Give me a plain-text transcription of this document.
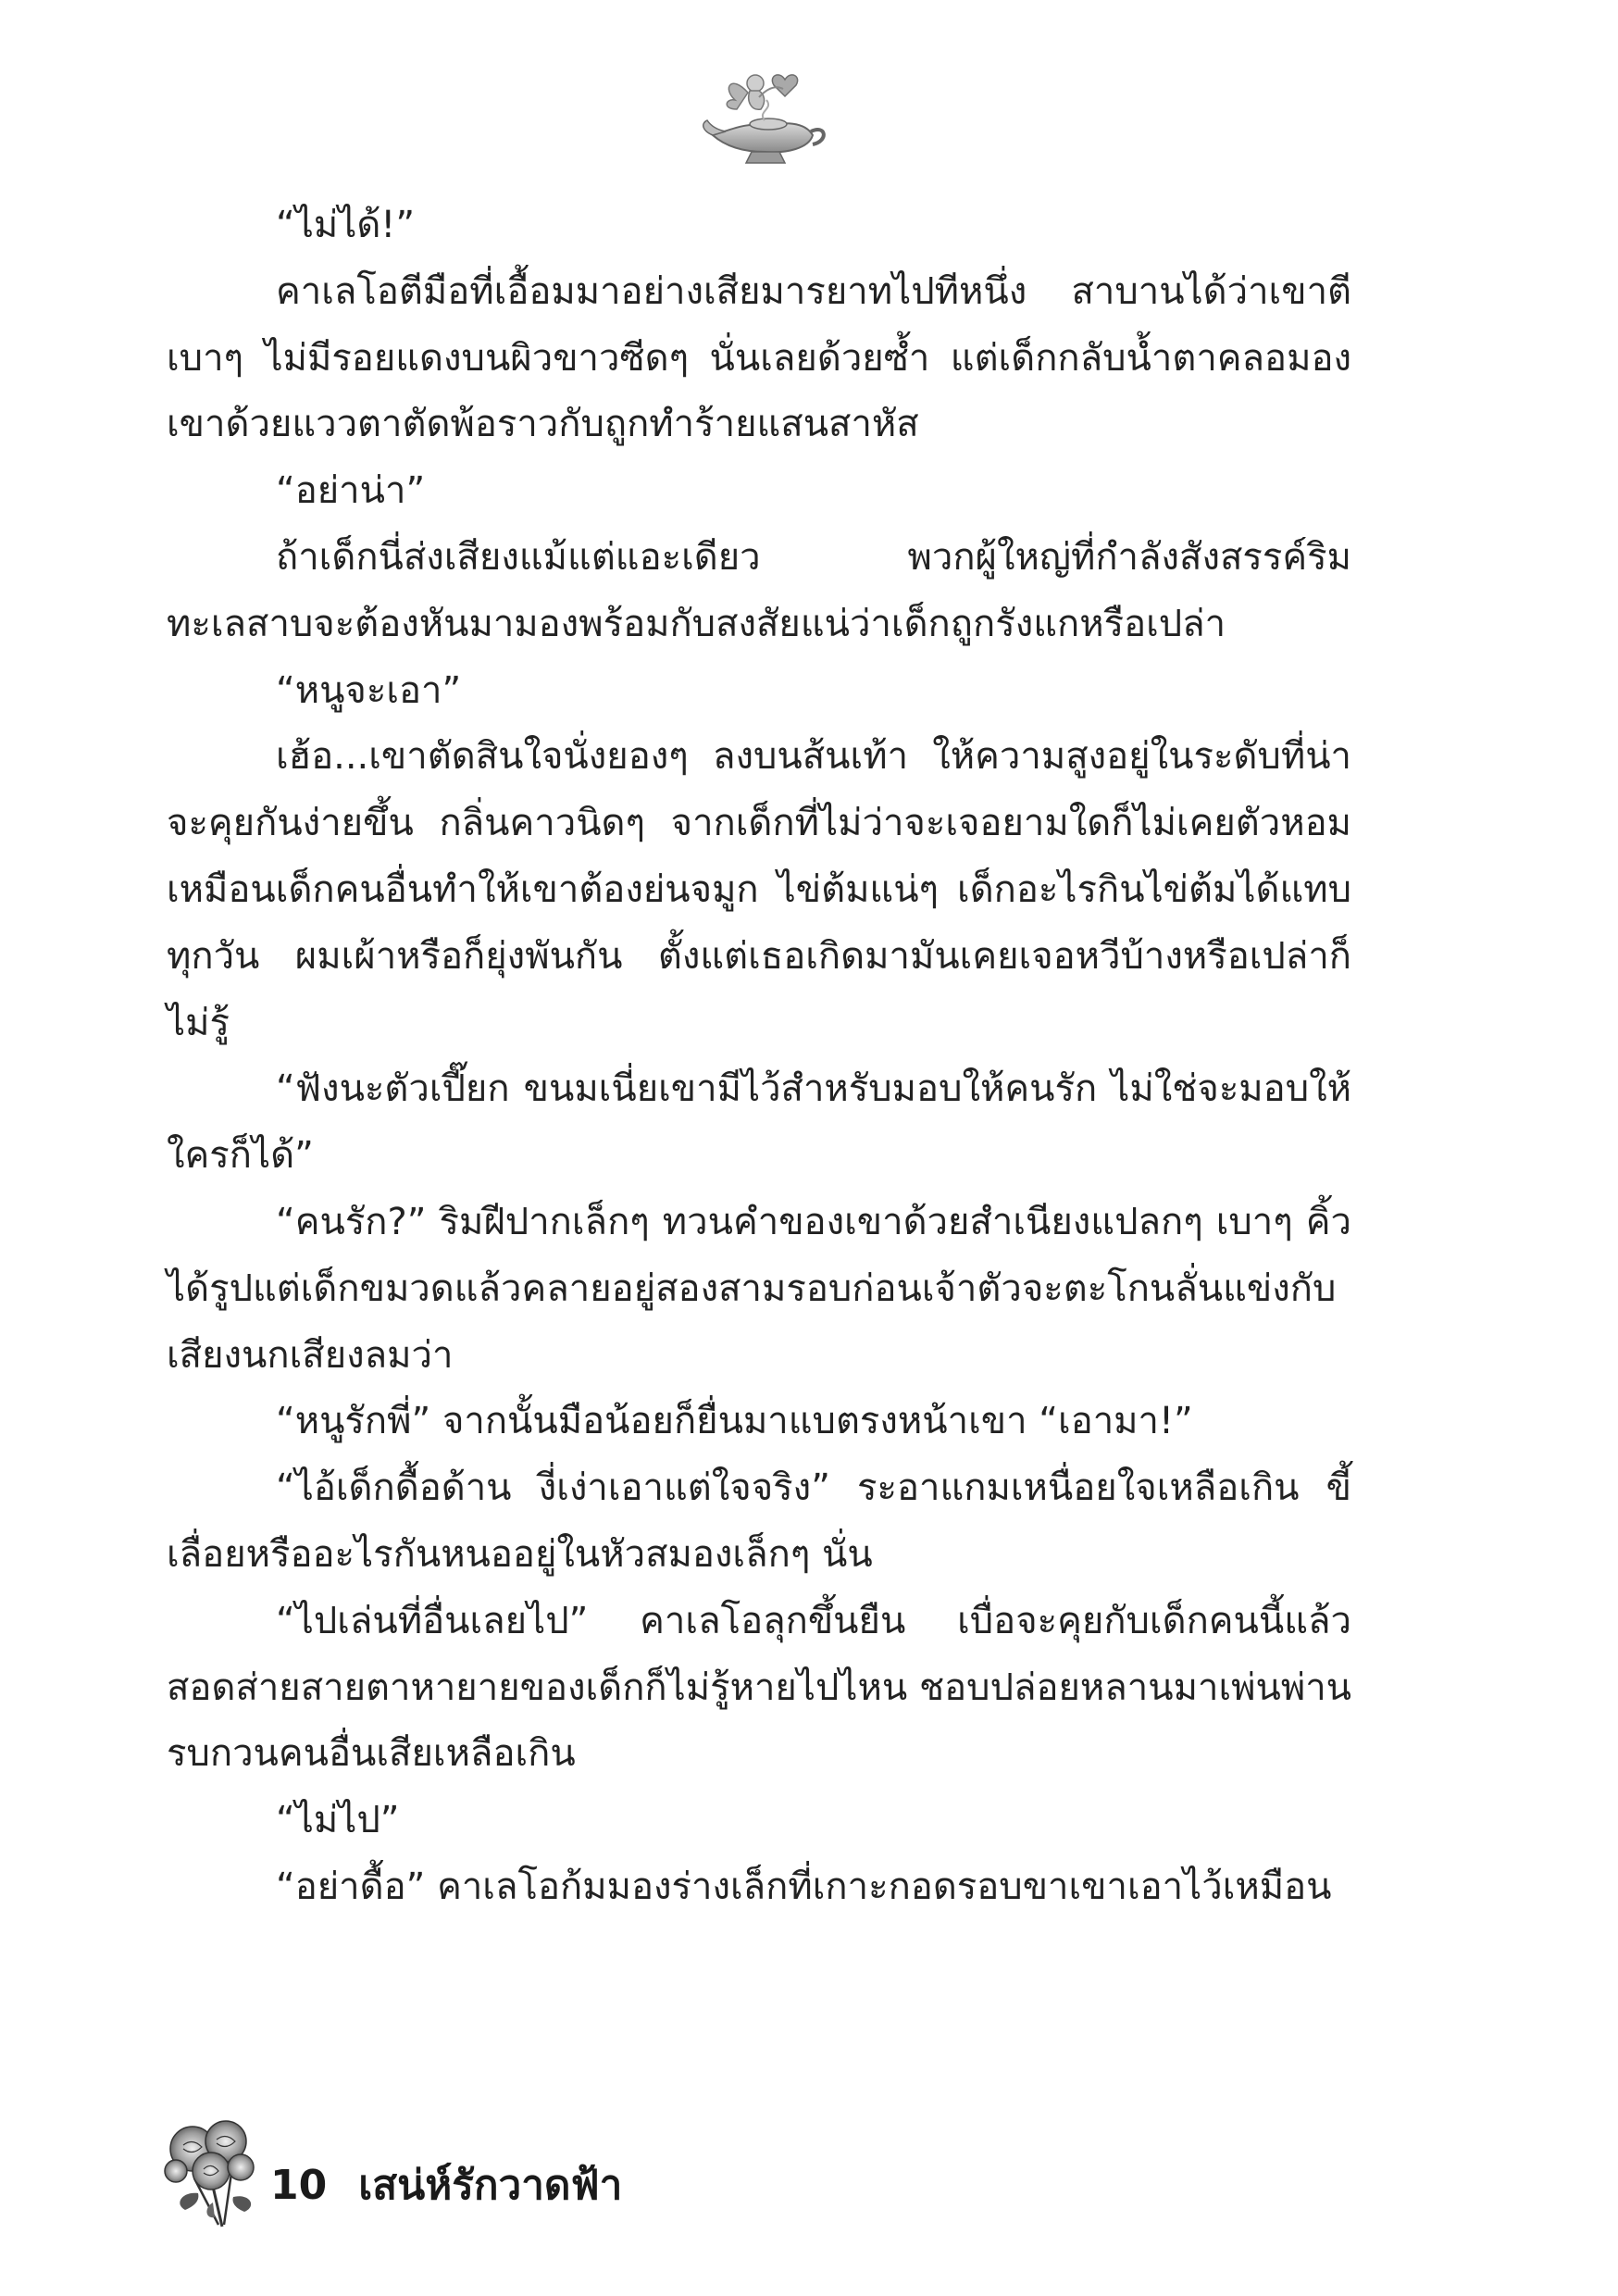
“ไม่ได้!”

คาเลโอตีมือที่เอื้อมมาอย่างเสียมารยาทไปทีหนึ่ง สาบานได้ว่าเขาตีเบาๆ ไม่มีรอยแดงบนผิวขาวซีดๆ นั่นเลยด้วยซ้ำ แต่เด็กกลับน้ำตาคลอมองเขาด้วยแววตาตัดพ้อราวกับถูกทำร้ายแสนสาหัส

“อย่าน่า”

ถ้าเด็กนี่ส่งเสียงแม้แต่แอะเดียว พวกผู้ใหญ่ที่กำลังสังสรรค์ริมทะเลสาบจะต้องหันมามองพร้อมกับสงสัยแน่ว่าเด็กถูกรังแกหรือเปล่า

“หนูจะเอา”

เฮ้อ...เขาตัดสินใจนั่งยองๆ ลงบนส้นเท้า ให้ความสูงอยู่ในระดับที่น่าจะคุยกันง่ายขึ้น กลิ่นคาวนิดๆ จากเด็กที่ไม่ว่าจะเจอยามใดก็ไม่เคยตัวหอมเหมือนเด็กคนอื่นทำให้เขาต้องย่นจมูก ไข่ต้มแน่ๆ เด็กอะไรกินไข่ต้มได้แทบทุกวัน ผมเผ้าหรือก็ยุ่งพันกัน ตั้งแต่เธอเกิดมามันเคยเจอหวีบ้างหรือเปล่าก็ไม่รู้

“ฟังนะตัวเปี๊ยก ขนมเนี่ยเขามีไว้สำหรับมอบให้คนรัก ไม่ใช่จะมอบให้ใครก็ได้”

“คนรัก?” ริมฝีปากเล็กๆ ทวนคำของเขาด้วยสำเนียงแปลกๆ เบาๆ คิ้วได้รูปแต่เด็กขมวดแล้วคลายอยู่สองสามรอบก่อนเจ้าตัวจะตะโกนลั่นแข่งกับเสียงนกเสียงลมว่า

“หนูรักพี่” จากนั้นมือน้อยก็ยื่นมาแบตรงหน้าเขา “เอามา!”

“ไอ้เด็กดื้อด้าน งี่เง่าเอาแต่ใจจริง” ระอาแกมเหนื่อยใจเหลือเกิน ขี้เลื่อยหรืออะไรกันหนออยู่ในหัวสมองเล็กๆ นั่น

“ไปเล่นที่อื่นเลยไป” คาเลโอลุกขึ้นยืน เบื่อจะคุยกับเด็กคนนี้แล้ว สอดส่ายสายตาหายายของเด็กก็ไม่รู้หายไปไหน ชอบปล่อยหลานมาเพ่นพ่านรบกวนคนอื่นเสียเหลือเกิน

“ไม่ไป”

“อย่าดื้อ” คาเลโอก้มมองร่างเล็กที่เกาะกอดรอบขาเขาเอาไว้เหมือน

10 เสน่ห์รักวาดฟ้า
